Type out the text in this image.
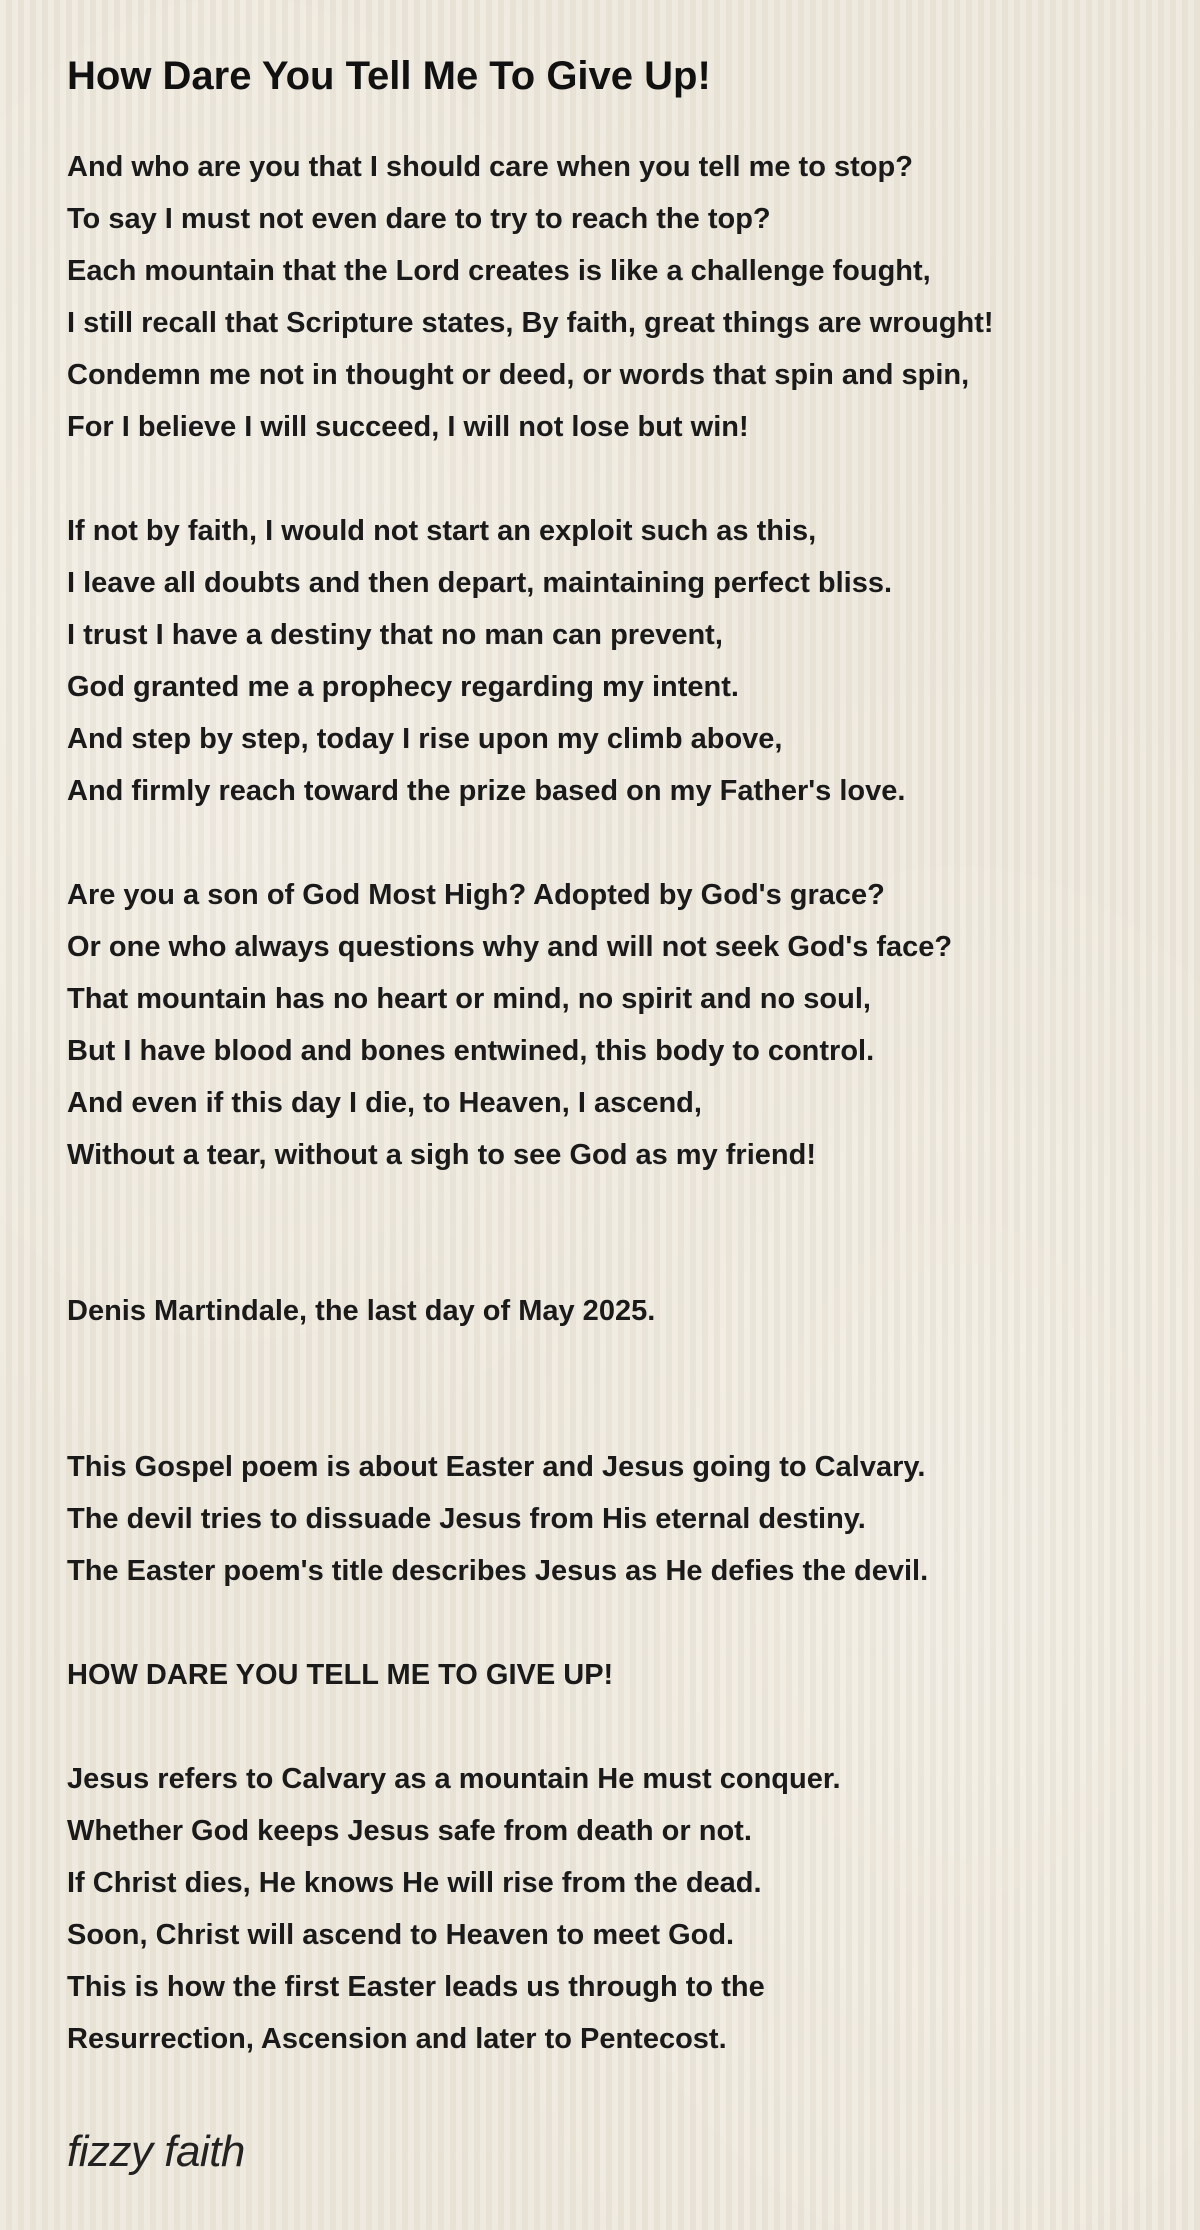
How Dare You Tell Me To Give Up!
And who are you that I should care when you tell me to stop?
To say I must not even dare to try to reach the top?
Each mountain that the Lord creates is like a challenge fought,
I still recall that Scripture states, By faith, great things are wrought!
Condemn me not in thought or deed, or words that spin and spin,
For I believe I will succeed, I will not lose but win!
If not by faith, I would not start an exploit such as this,
I leave all doubts and then depart, maintaining perfect bliss.
I trust I have a destiny that no man can prevent,
God granted me a prophecy regarding my intent.
And step by step, today I rise upon my climb above,
And firmly reach toward the prize based on my Father's love.
Are you a son of God Most High? Adopted by God's grace?
Or one who always questions why and will not seek God's face?
That mountain has no heart or mind, no spirit and no soul,
But I have blood and bones entwined, this body to control.
And even if this day I die, to Heaven, I ascend,
Without a tear, without a sigh to see God as my friend!
Denis Martindale, the last day of May 2025.
This Gospel poem is about Easter and Jesus going to Calvary.
The devil tries to dissuade Jesus from His eternal destiny.
The Easter poem's title describes Jesus as He defies the devil.
HOW DARE YOU TELL ME TO GIVE UP!
Jesus refers to Calvary as a mountain He must conquer.
Whether God keeps Jesus safe from death or not.
If Christ dies, He knows He will rise from the dead.
Soon, Christ will ascend to Heaven to meet God.
This is how the first Easter leads us through to the
Resurrection, Ascension and later to Pentecost.
fizzy faith
